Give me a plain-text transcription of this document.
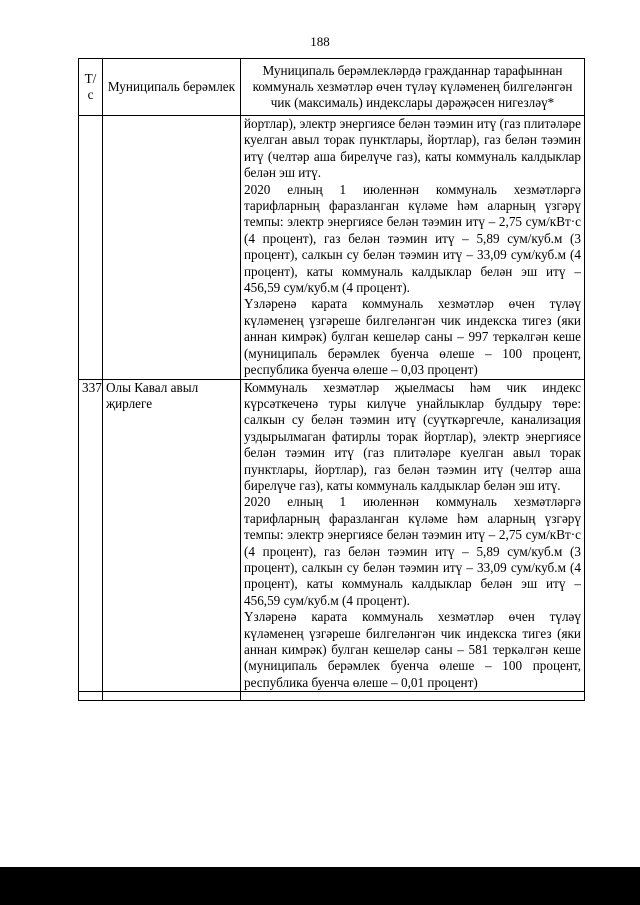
188
Т/с	Муниципаль берәмлек	Муниципаль берәмлекләрдә гражданнар тарафыннан коммуналь хезмәтләр өчен түләү күләменең билгеләнгән чик (максималь) индекслары дәрәҗәсен нигезләү*

		йортлар), электр энергиясе белән тәэмин итү (газ плитәләре куелган авыл торак пунктлары, йортлар), газ белән тәэмин итү (челтәр аша бирелүче газ), каты коммуналь калдыклар белән эш итү.

2020 елның 1 июленнән коммуналь хезмәтләргә тарифларның фаразланган күләме һәм аларның үзгәрү темпы: электр энергиясе белән тәэмин итү – 2,75 сум/кВт·с (4 процент), газ белән тәэмин итү – 5,89 сум/куб.м (3 процент), салкын су белән тәэмин итү – 33,09 сум/куб.м (4 процент), каты коммуналь калдыклар белән эш итү – 456,59 сум/куб.м (4 процент).

Үзләренә карата коммуналь хезмәтләр өчен түләү күләменең үзгәреше билгеләнгән чик индекска тигез (яки аннан кимрәк) булган кешеләр саны – 997 теркәлгән кеше (муниципаль берәмлек буенча өлеше – 100 процент, республика буенча өлеше – 0,03 процент)

337	Олы Кавал авыл җирлеге	Коммуналь хезмәтләр җыелмасы һәм чик индекс күрсәткеченә туры килүче унайлыклар булдыру төре: салкын су белән тәэмин итү (суүткәргечле, канализация уздырылмаган фатирлы торак йортлар), электр энергиясе белән тәэмин итү (газ плитәләре куелган авыл торак пунктлары, йортлар), газ белән тәэмин итү (челтәр аша бирелүче газ), каты коммуналь калдыклар белән эш итү.

2020 елның 1 июленнән коммуналь хезмәтләргә тарифларның фаразланган күләме һәм аларның үзгәрү темпы: электр энергиясе белән тәэмин итү – 2,75 сум/кВт·с (4 процент), газ белән тәэмин итү – 5,89 сум/куб.м (3 процент), салкын су белән тәэмин итү – 33,09 сум/куб.м (4 процент), каты коммуналь калдыклар белән эш итү – 456,59 сум/куб.м (4 процент).

Үзләренә карата коммуналь хезмәтләр өчен түләү күләменең үзгәреше билгеләнгән чик индекска тигез (яки аннан кимрәк) булган кешеләр саны – 581 теркәлгән кеше (муниципаль берәмлек буенча өлеше – 100 процент, республика буенча өлеше – 0,01 процент)
